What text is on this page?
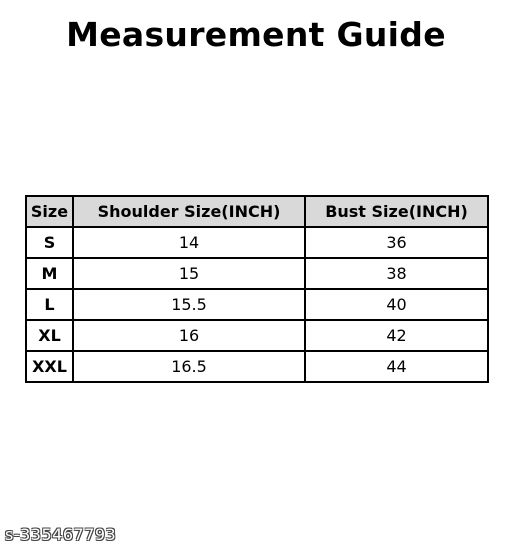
Measurement Guide
Size	Shoulder Size(INCH)	Bust Size(INCH)
S	14	36
M	15	38
L	15.5	40
XL	16	42
XXL	16.5	44
s-335467793
